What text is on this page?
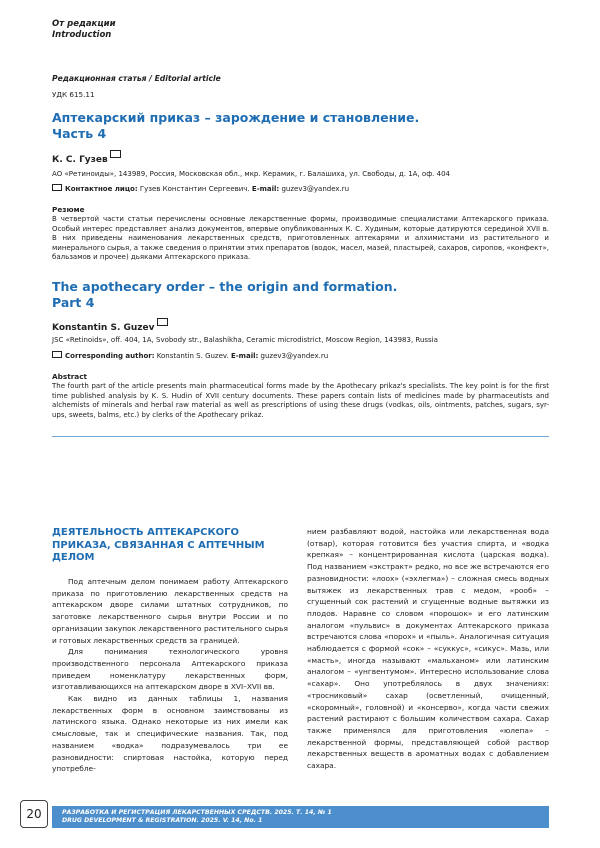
От редакции
Introduction
Редакционная статья / Editorial article
УДК 615.11
Аптекарский приказ – зарождение и становление.
Часть 4
К. С. Гузев
АО «Ретиноиды», 143989, Россия, Московская обл., мкр. Керамик, г. Балашиха, ул. Свободы, д. 1А, оф. 404
Контактное лицо: Гузев Константин Сергеевич. E-mail: guzev3@yandex.ru
Резюме
В четвертой части статьи перечислены основные лекарственные формы, производимые специалистами Аптекарского приказа. Особый интерес представляет анализ документов, впервые опубликованных К. С. Худиным, которые датируются серединой XVII в. В них приведены наименования лекарственных средств, приготовленных аптекарями и алхимистами из растительного и минерального сырья, а также сведения о принятии этих препаратов (водок, масел, мазей, пластырей, сахаров, сиропов, «конфект», бальзамов и прочее) дьяками Аптекарского приказа.
The apothecary order – the origin and formation.
Part 4
Konstantin S. Guzev
JSC «Retinoids», off. 404, 1A, Svobody str., Balashikha, Ceramic microdistrict, Moscow Region, 143983, Russia
Corresponding author: Konstantin S. Guzev. E-mail: guzev3@yandex.ru
Abstract
The fourth part of the article presents main pharmaceutical forms made by the Apothecary prikaz's specialists. The key point is for the first time published analysis by K. S. Hudin of XVII century documents. These papers contain lists of medicines made by pharmaceutists and alchemists of minerals and herbal raw material as well as prescriptions of using these drugs (vodkas, oils, ointments, patches, sugars, syr-ups, sweets, balms, etc.) by clerks of the Apothecary prikaz.
ДЕЯТЕЛЬНОСТЬ АПТЕКАРСКОГО ПРИКАЗА, СВЯЗАННАЯ С АПТЕЧНЫМ ДЕЛОМ

Под аптечным делом понимаем работу Аптекарского приказа по приготовлению лекарственных средств на аптекарском дворе силами штатных сотрудников, по заготовке лекарственного сырья внутри России и по организации закупок лекарственного растительного сырья и готовых лекарственных средств за границей.

Для понимания технологического уровня производственного персонала Аптекарского приказа приведем номенклатуру лекарственных форм, изготавливающихся на аптекарском дворе в XVI–XVII вв.

Как видно из данных таблицы 1, названия лекарственных форм в основном заимствованы из латинского языка. Однако некоторые из них имели как смысловые, так и специфические названия. Так, под названием «водка» подразумевалось три ее разновидности: спиртовая настойка, которую перед употребле-

нием разбавляют водой, настойка или лекарственная вода (отвар), которая готовится без участия спирта, и «водка крепкая» – концентрированная кислота (царская водка). Под названием «экстракт» редко, но все же встречаются его разновидности: «лоох» («эхлегма») – сложная смесь водных вытяжек из лекарственных трав с медом, «рооб» – сгущенный сок растений и сгущенные водные вытяжки из плодов. Наравне со словом «порошок» и его латинским аналогом «пульвис» в документах Аптекарского приказа встречаются слова «порох» и «пыль». Аналогичная ситуация наблюдается с формой «сок» – «суккус», «сикус». Мазь, или «масть», иногда называют «мальханом» или латинским аналогом – «унгвентумом». Интересно использование слова «сахар». Оно употреблялось в двух значениях: «тросниковый» сахар (осветленный, очищенный, «скоромный», головной) и «консерво», когда части свежих растений растирают с большим количеством сахара. Сахар также применялся для приготовления «юлепа» – лекарственной формы, представляющей собой раствор лекарственных веществ в ароматных водах с добавлением сахара.

РАЗРАБОТКА И РЕГИСТРАЦИЯ ЛЕКАРСТВЕННЫХ СРЕДСТВ. 2025. Т. 14, № 1
DRUG DEVELOPMENT & REGISTRATION. 2025. V. 14, No. 1
20
